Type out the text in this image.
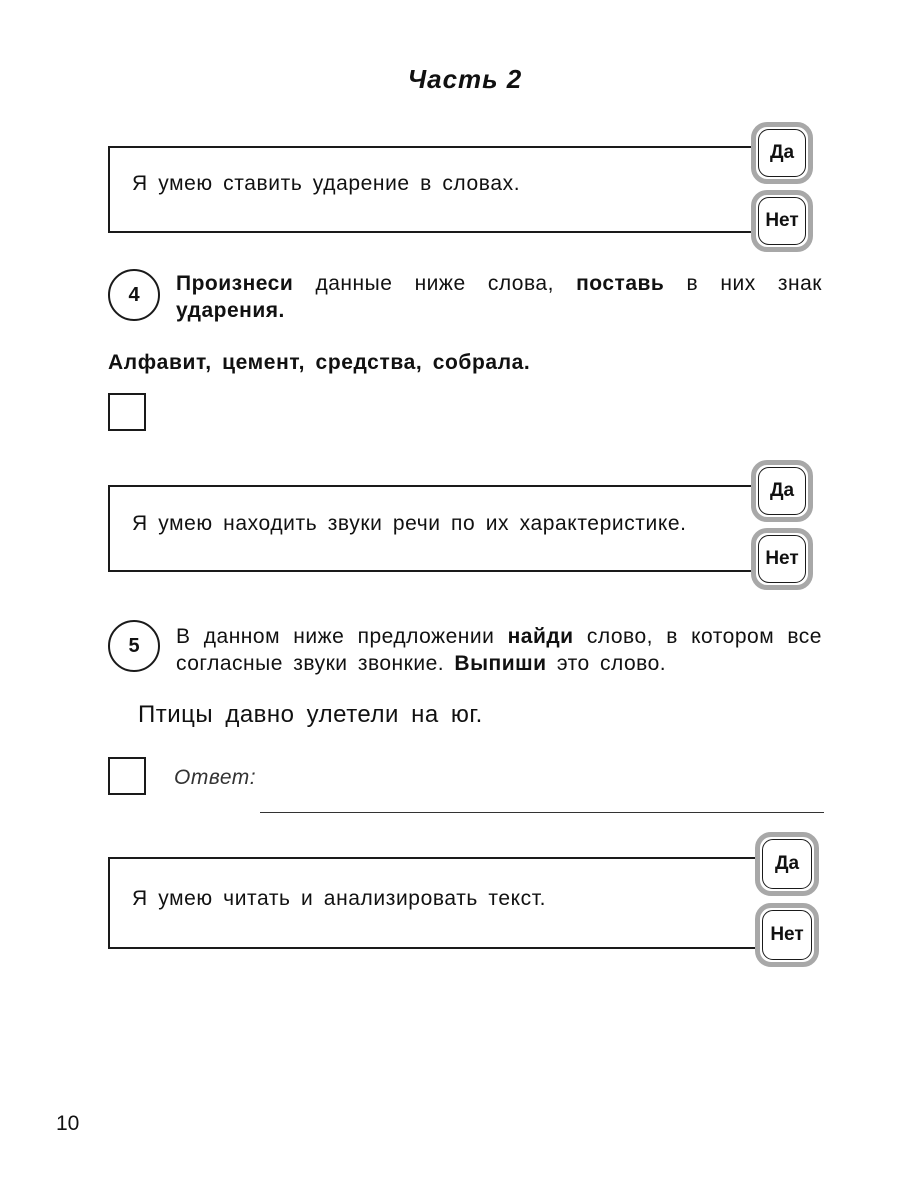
Часть 2
Я умею ставить ударение в словах.
Да
Нет
4	Произнеси данные ниже слова, поставь в них знак ударения.
Алфавит, цемент, средства, собрала.
Я умею находить звуки речи по их характеристике.
Да
Нет
5	В данном ниже предложении найди слово, в котором все согласные звуки звонкие. Выпиши это слово.
Птицы давно улетели на юг.
Ответ:
Я умею читать и анализировать текст.
Да
Нет
10
